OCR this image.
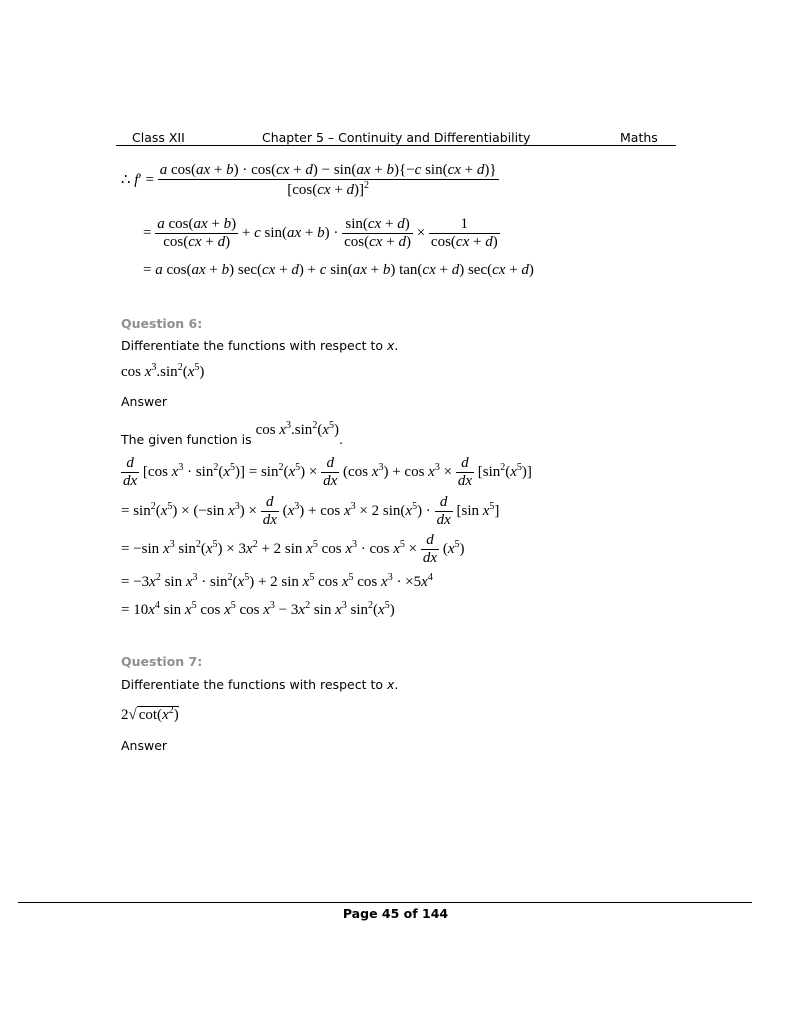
Class XII	Chapter 5 – Continuity and Differentiability	Maths
∴ $f' = \frac{\text{a cos(ax + b) · cos(cx + d) − sin(ax + b)\{−c sin(cx + d)\}}}{[\cos(cx + d)]^2}$
= $\frac{\text{a cos(ax + b)}}{\cos(cx + d)} + c$ $\sin(ax + b) \cdot \frac{\sin(cx + d)}{\cos(cx + d)} \times \frac{1}{\cos(cx + d)}$
= a cos(ax + b) sec(cx + d) + c sin(ax + b) tan(cx + d) sec(cx + d)
Question 6:
Differentiate the functions with respect to x.
$\cos x^3.\sin^2(x^5)$
Answer
The given function is $\cos x^3.\sin^2(x^5)$.
$\frac{d}{dx} [\cos$ $x^3 \cdot \sin^2(x^5)] = \sin^2(x^5) \times \frac{d}{dx} (\cos$ $x^3) + \cos x^3 \times \frac{d}{dx} [\sin^2(x^5)]$
= $\sin^2(x^5) \times (-\sin$ $x^3) \times \frac{d}{dx} (x^3) + \cos x^3 \times 2$ $\sin(x^5) \cdot \frac{d}{dx} [\sin$ $x^5$]
= −sin $x^3$ $\sin^2(x^5) \times 3x^2 + 2$ $\sin x^5$ $\cos x^3 \cdot \cos x^5 \times \frac{d}{dx} (x^5)$
= $-3x^2$ $\sin x^3 \cdot \sin^2(x^5) + 2$ $\sin x^5$ $\cos x^5$ $\cos x^3 \cdot \times 5x^4$
= $10x^4$ $\sin x^5$ $\cos x^5$ $\cos x^3 - 3x^2$ $\sin x^3$ $\sin^2(x^5)$
Question 7:
Differentiate the functions with respect to x.
2√ $\cot(x^2)$
Answer
Page 45 of 144
